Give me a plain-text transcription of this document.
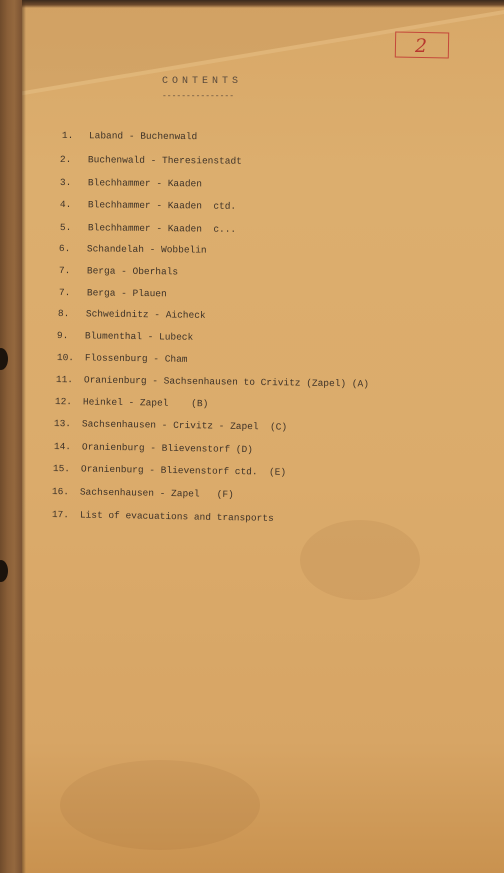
2
CONTENTS
---------------
1. Laband - Buchenwald
2. Buchenwald - Theresienstadt
3. Blechhammer - Kaaden
4. Blechhammer - Kaaden  ctd.
5. Blechhammer - Kaaden  c...
6. Schandelah - Wobbelin
7. Berga - Oberhals
7. Berga - Plauen
8. Schweidnitz - Aicheck
9. Blumenthal - Lubeck
10. Flossenburg - Cham
11. Oranienburg - Sachsenhausen to Crivitz (Zapel) (A)
12. Heinkel - Zapel    (B)
13. Sachsenhausen - Crivitz - Zapel  (C)
14. Oranienburg - Blievenstorf (D)
15. Oranienburg - Blievenstorf ctd.  (E)
16. Sachsenhausen - Zapel   (F)
17. List of evacuations and transports
